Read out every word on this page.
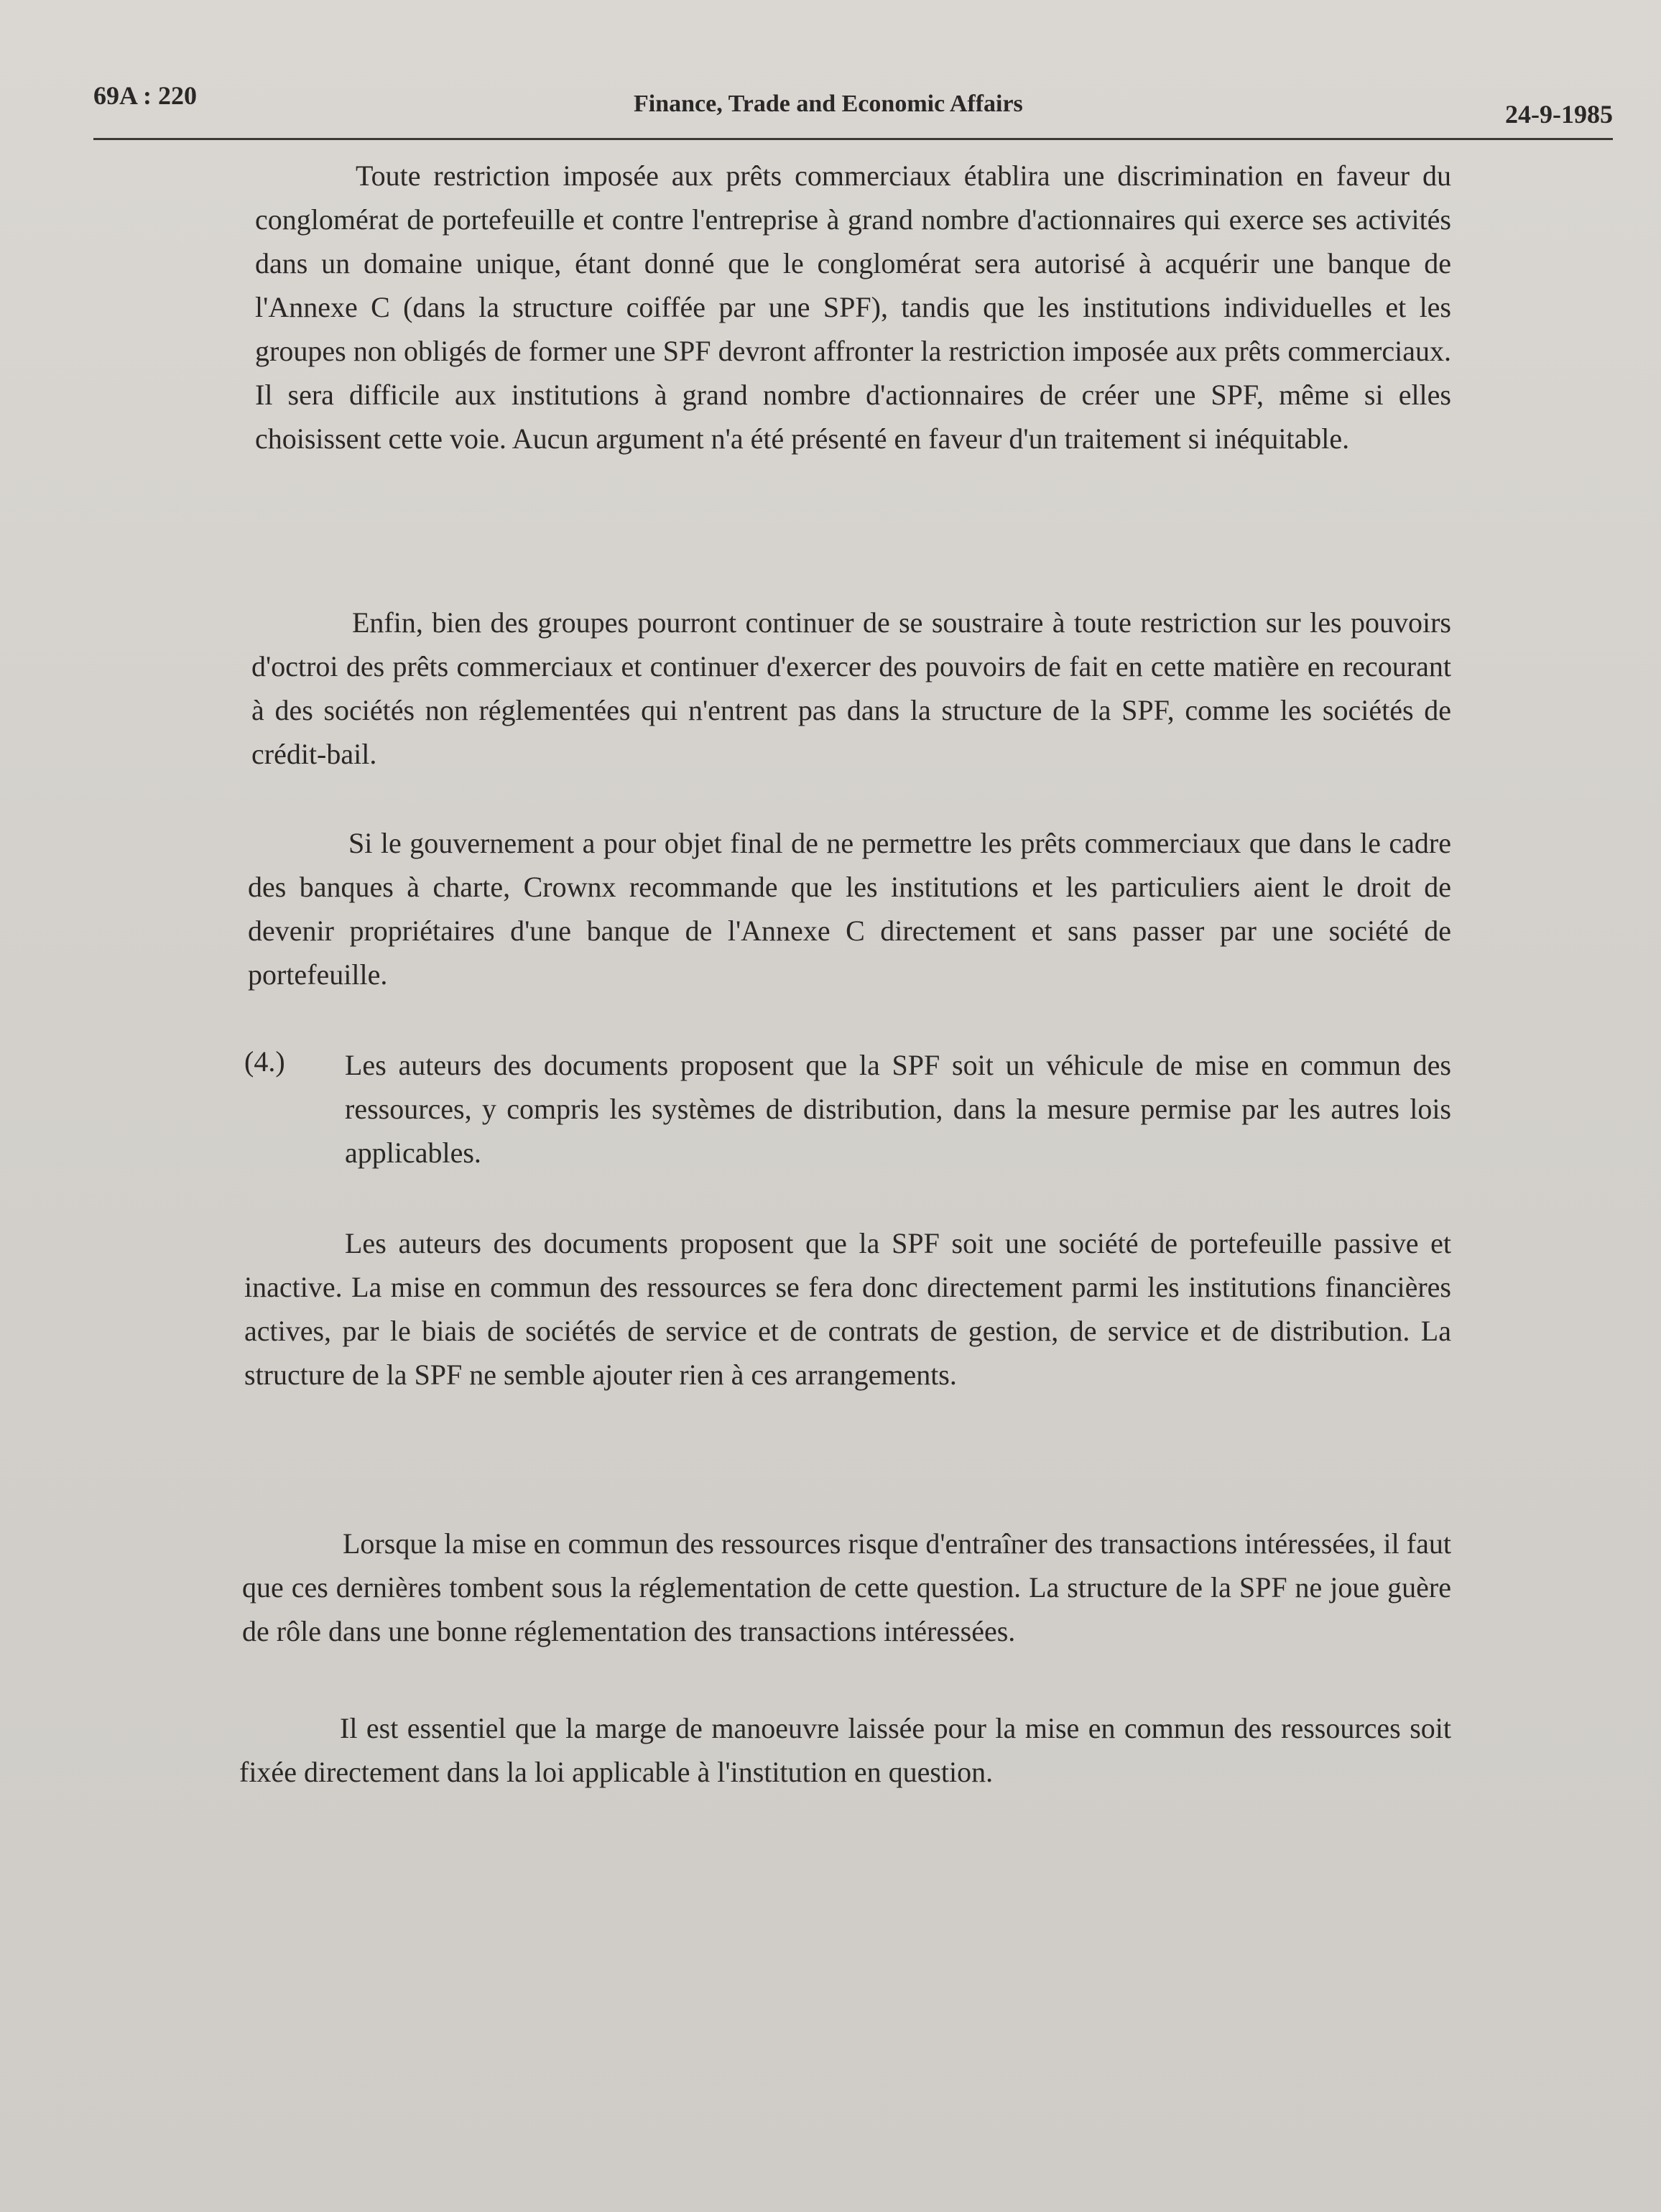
69A : 220	Finance, Trade and Economic Affairs	24-9-1985

Toute restriction imposée aux prêts commerciaux établira une discrimination en faveur du conglomérat de portefeuille et contre l'entreprise à grand nombre d'actionnaires qui exerce ses activités dans un domaine unique, étant donné que le conglomérat sera autorisé à acquérir une banque de l'Annexe C (dans la structure coiffée par une SPF), tandis que les institutions individuelles et les groupes non obligés de former une SPF devront affronter la restriction imposée aux prêts commerciaux. Il sera difficile aux institutions à grand nombre d'actionnaires de créer une SPF, même si elles choisissent cette voie. Aucun argument n'a été présenté en faveur d'un traitement si inéquitable.

Enfin, bien des groupes pourront continuer de se soustraire à toute restriction sur les pouvoirs d'octroi des prêts commerciaux et continuer d'exercer des pouvoirs de fait en cette matière en recourant à des sociétés non réglementées qui n'entrent pas dans la structure de la SPF, comme les sociétés de crédit-bail.

Si le gouvernement a pour objet final de ne permettre les prêts commerciaux que dans le cadre des banques à charte, Crownx recommande que les institutions et les particuliers aient le droit de devenir propriétaires d'une banque de l'Annexe C directement et sans passer par une société de portefeuille.

(4.) Les auteurs des documents proposent que la SPF soit un véhicule de mise en commun des ressources, y compris les systèmes de distribution, dans la mesure permise par les autres lois applicables.

Les auteurs des documents proposent que la SPF soit une société de portefeuille passive et inactive. La mise en commun des ressources se fera donc directement parmi les institutions financières actives, par le biais de sociétés de service et de contrats de gestion, de service et de distribution. La structure de la SPF ne semble ajouter rien à ces arrangements.

Lorsque la mise en commun des ressources risque d'entraîner des transactions intéressées, il faut que ces dernières tombent sous la réglementation de cette question. La structure de la SPF ne joue guère de rôle dans une bonne réglementation des transactions intéressées.

Il est essentiel que la marge de manoeuvre laissée pour la mise en commun des ressources soit fixée directement dans la loi applicable à l'institution en question.
